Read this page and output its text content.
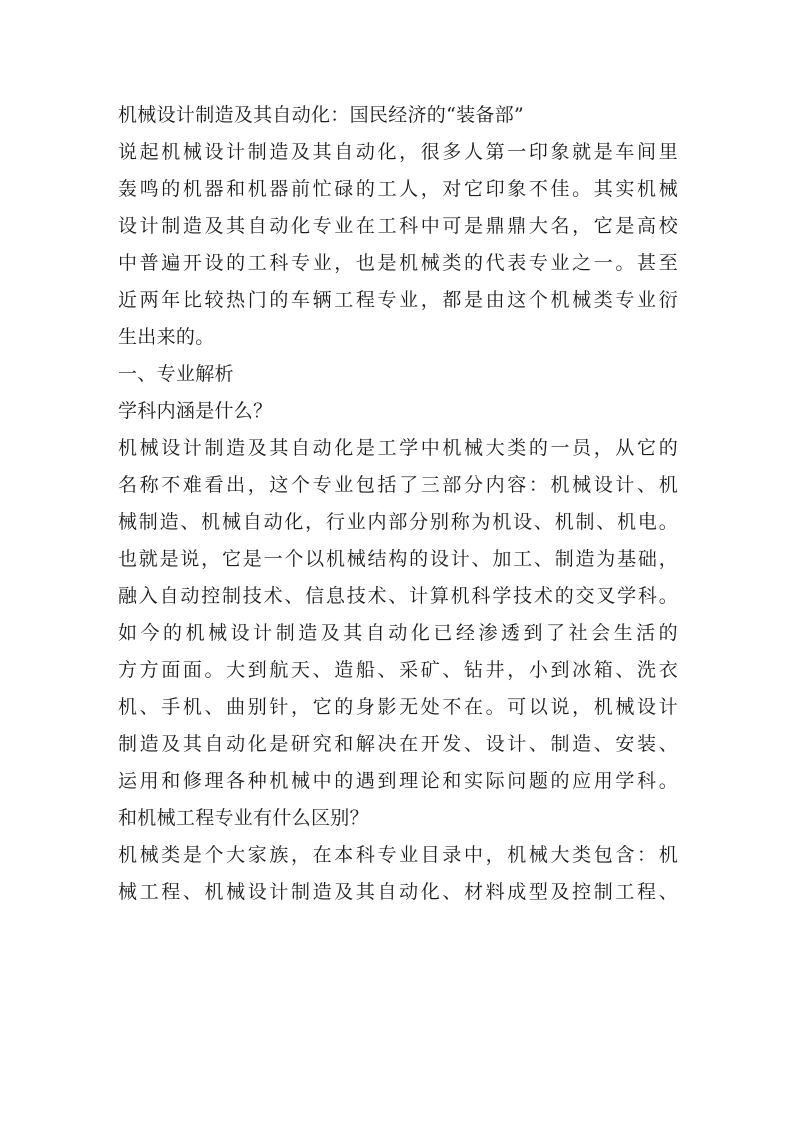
机械设计制造及其自动化：国民经济的“装备部”
说起机械设计制造及其自动化，很多人第一印象就是车间里
轰鸣的机器和机器前忙碌的工人，对它印象不佳。其实机械
设计制造及其自动化专业在工科中可是鼎鼎大名，它是高校
中普遍开设的工科专业，也是机械类的代表专业之一。甚至
近两年比较热门的车辆工程专业，都是由这个机械类专业衍
生出来的。
一、专业解析
学科内涵是什么？
机械设计制造及其自动化是工学中机械大类的一员，从它的
名称不难看出，这个专业包括了三部分内容：机械设计、机
械制造、机械自动化，行业内部分别称为机设、机制、机电。
也就是说，它是一个以机械结构的设计、加工、制造为基础，
融入自动控制技术、信息技术、计算机科学技术的交叉学科。
如今的机械设计制造及其自动化已经渗透到了社会生活的
方方面面。大到航天、造船、采矿、钻井，小到冰箱、洗衣
机、手机、曲别针，它的身影无处不在。可以说，机械设计
制造及其自动化是研究和解决在开发、设计、制造、安装、
运用和修理各种机械中的遇到理论和实际问题的应用学科。
和机械工程专业有什么区别？
机械类是个大家族，在本科专业目录中，机械大类包含：机
械工程、机械设计制造及其自动化、材料成型及控制工程、
